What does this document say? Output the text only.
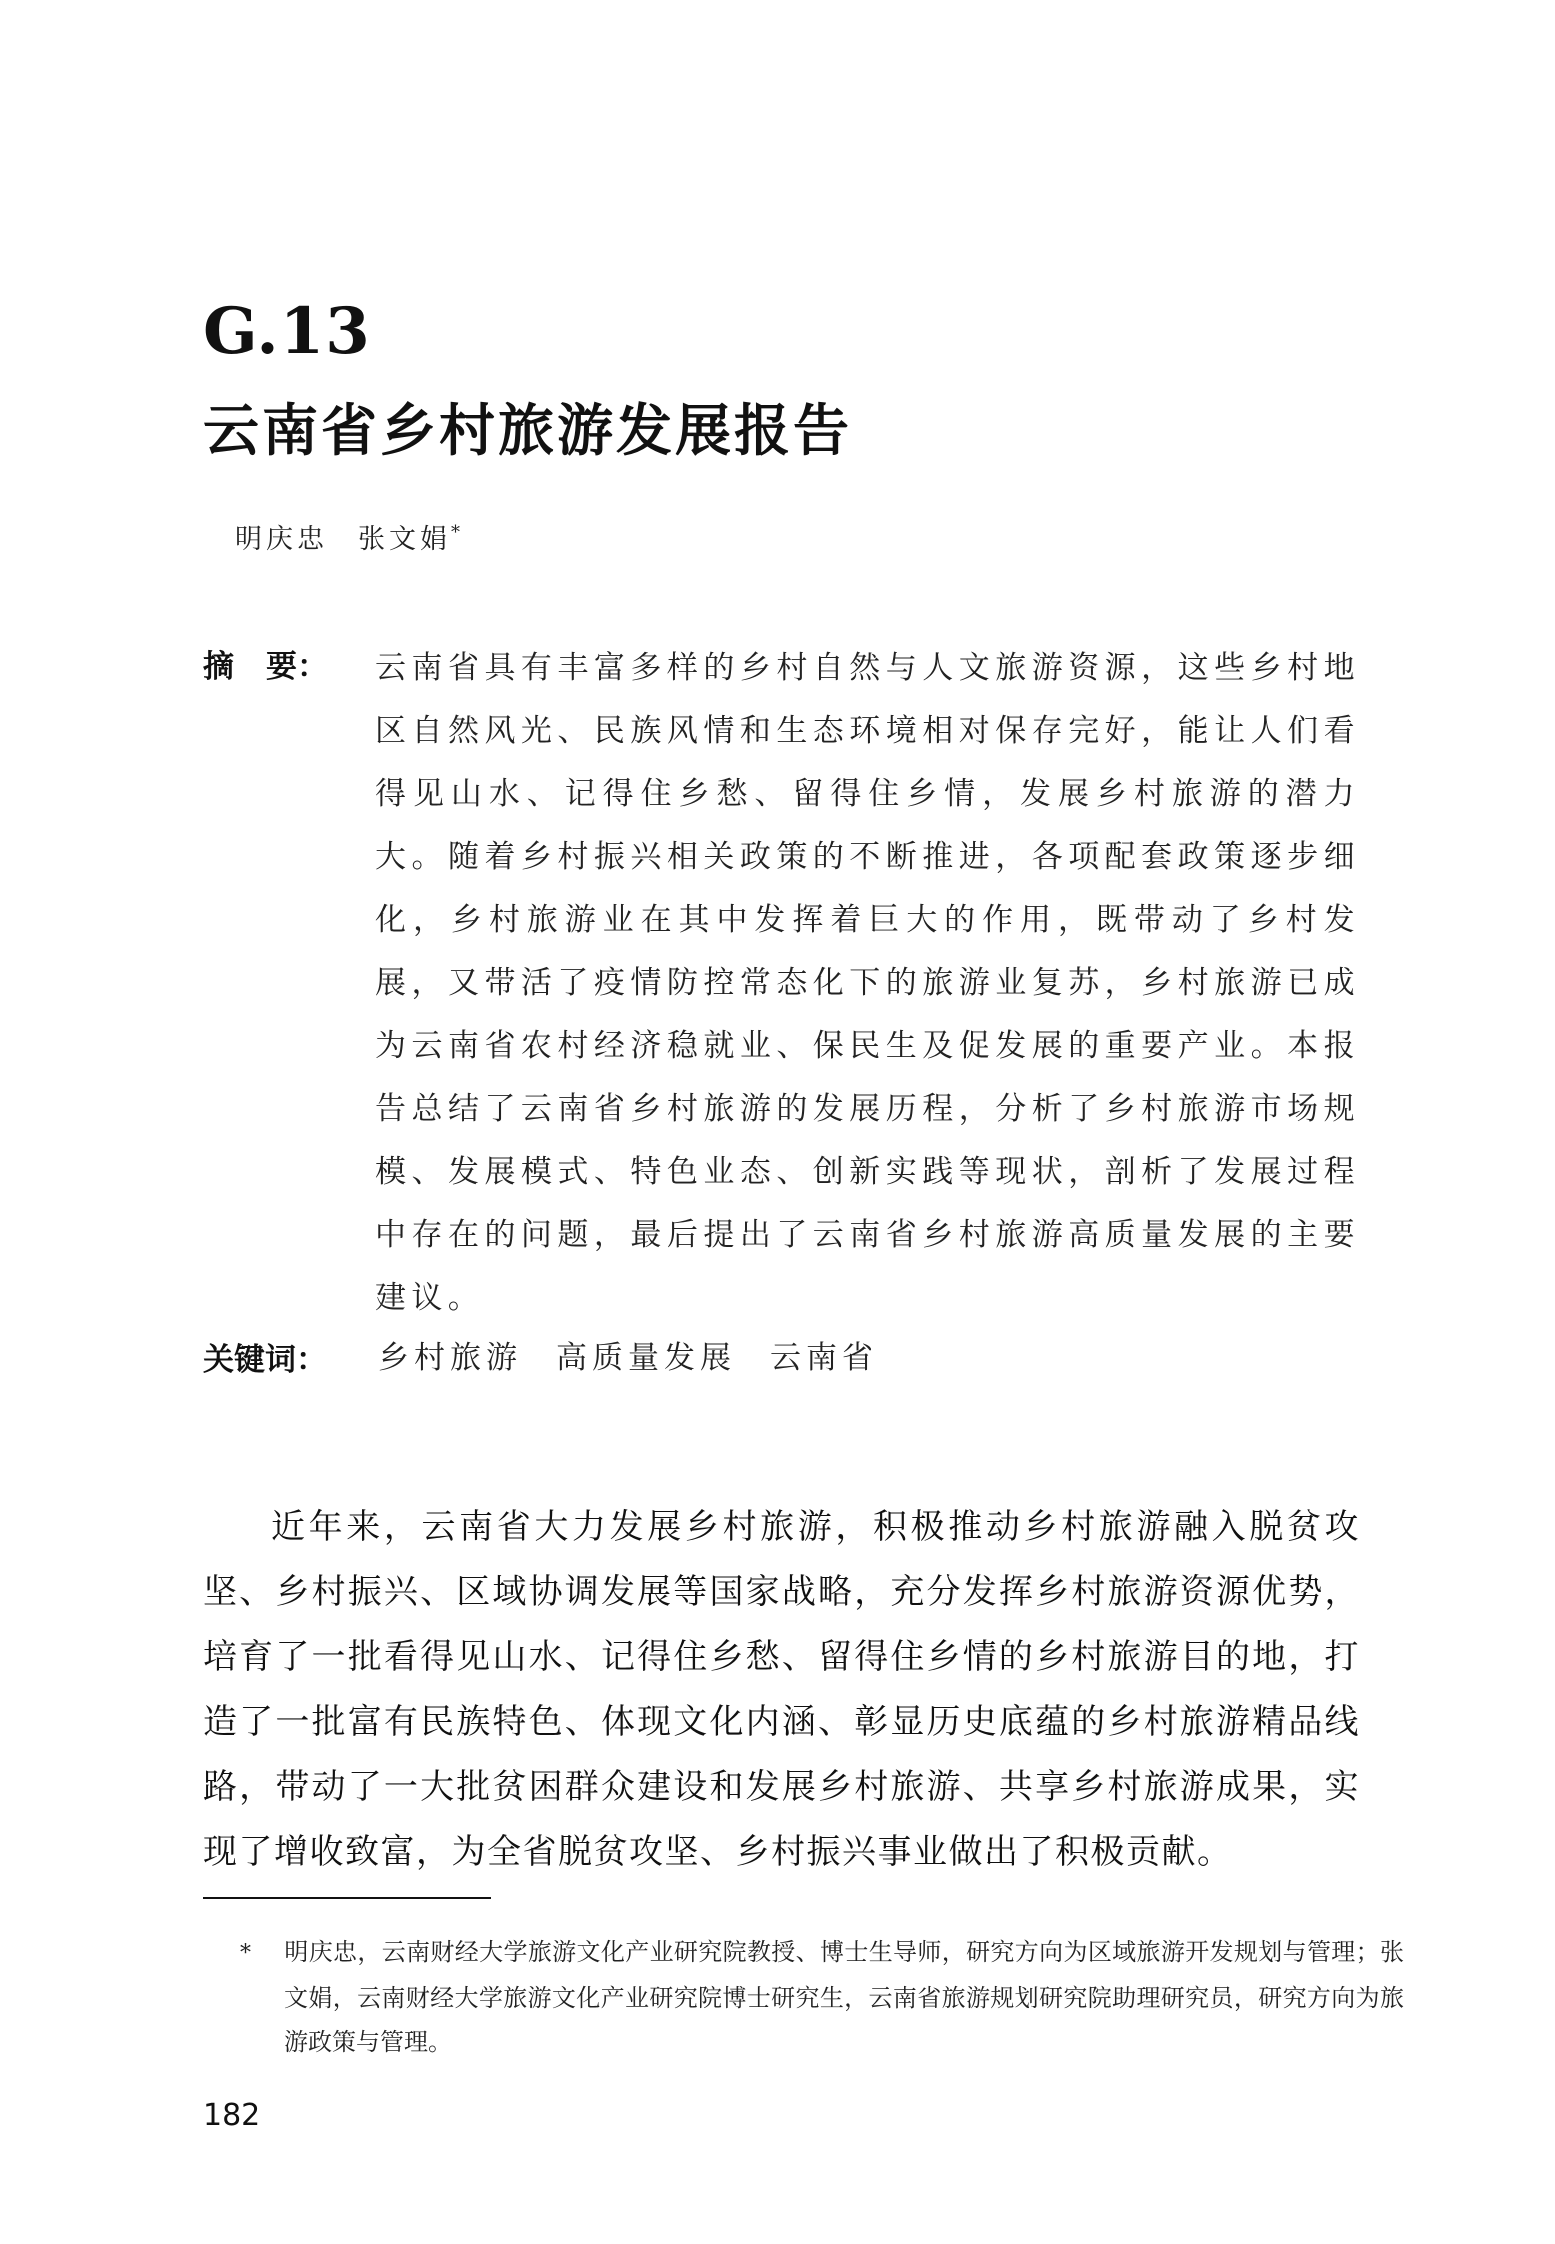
G.13
云南省乡村旅游发展报告
明庆忠 张文娟*
摘 要： 云南省具有丰富多样的乡村自然与人文旅游资源，这些乡村地区自然风光、民族风情和生态环境相对保存完好，能让人们看得见山水、记得住乡愁、留得住乡情，发展乡村旅游的潜力大。随着乡村振兴相关政策的不断推进，各项配套政策逐步细化，乡村旅游业在其中发挥着巨大的作用，既带动了乡村发展，又带活了疫情防控常态化下的旅游业复苏，乡村旅游已成为云南省农村经济稳就业、保民生及促发展的重要产业。本报告总结了云南省乡村旅游的发展历程，分析了乡村旅游市场规模、发展模式、特色业态、创新实践等现状，剖析了发展过程中存在的问题，最后提出了云南省乡村旅游高质量发展的主要建议。

关键词： 乡村旅游 高质量发展 云南省

近年来，云南省大力发展乡村旅游，积极推动乡村旅游融入脱贫攻坚、乡村振兴、区域协调发展等国家战略，充分发挥乡村旅游资源优势，培育了一批看得见山水、记得住乡愁、留得住乡情的乡村旅游目的地，打造了一批富有民族特色、体现文化内涵、彰显历史底蕴的乡村旅游精品线路，带动了一大批贫困群众建设和发展乡村旅游、共享乡村旅游成果，实现了增收致富，为全省脱贫攻坚、乡村振兴事业做出了积极贡献。

* 明庆忠，云南财经大学旅游文化产业研究院教授、博士生导师，研究方向为区域旅游开发规划与管理；张文娟，云南财经大学旅游文化产业研究院博士研究生，云南省旅游规划研究院助理研究员，研究方向为旅游政策与管理。

182
